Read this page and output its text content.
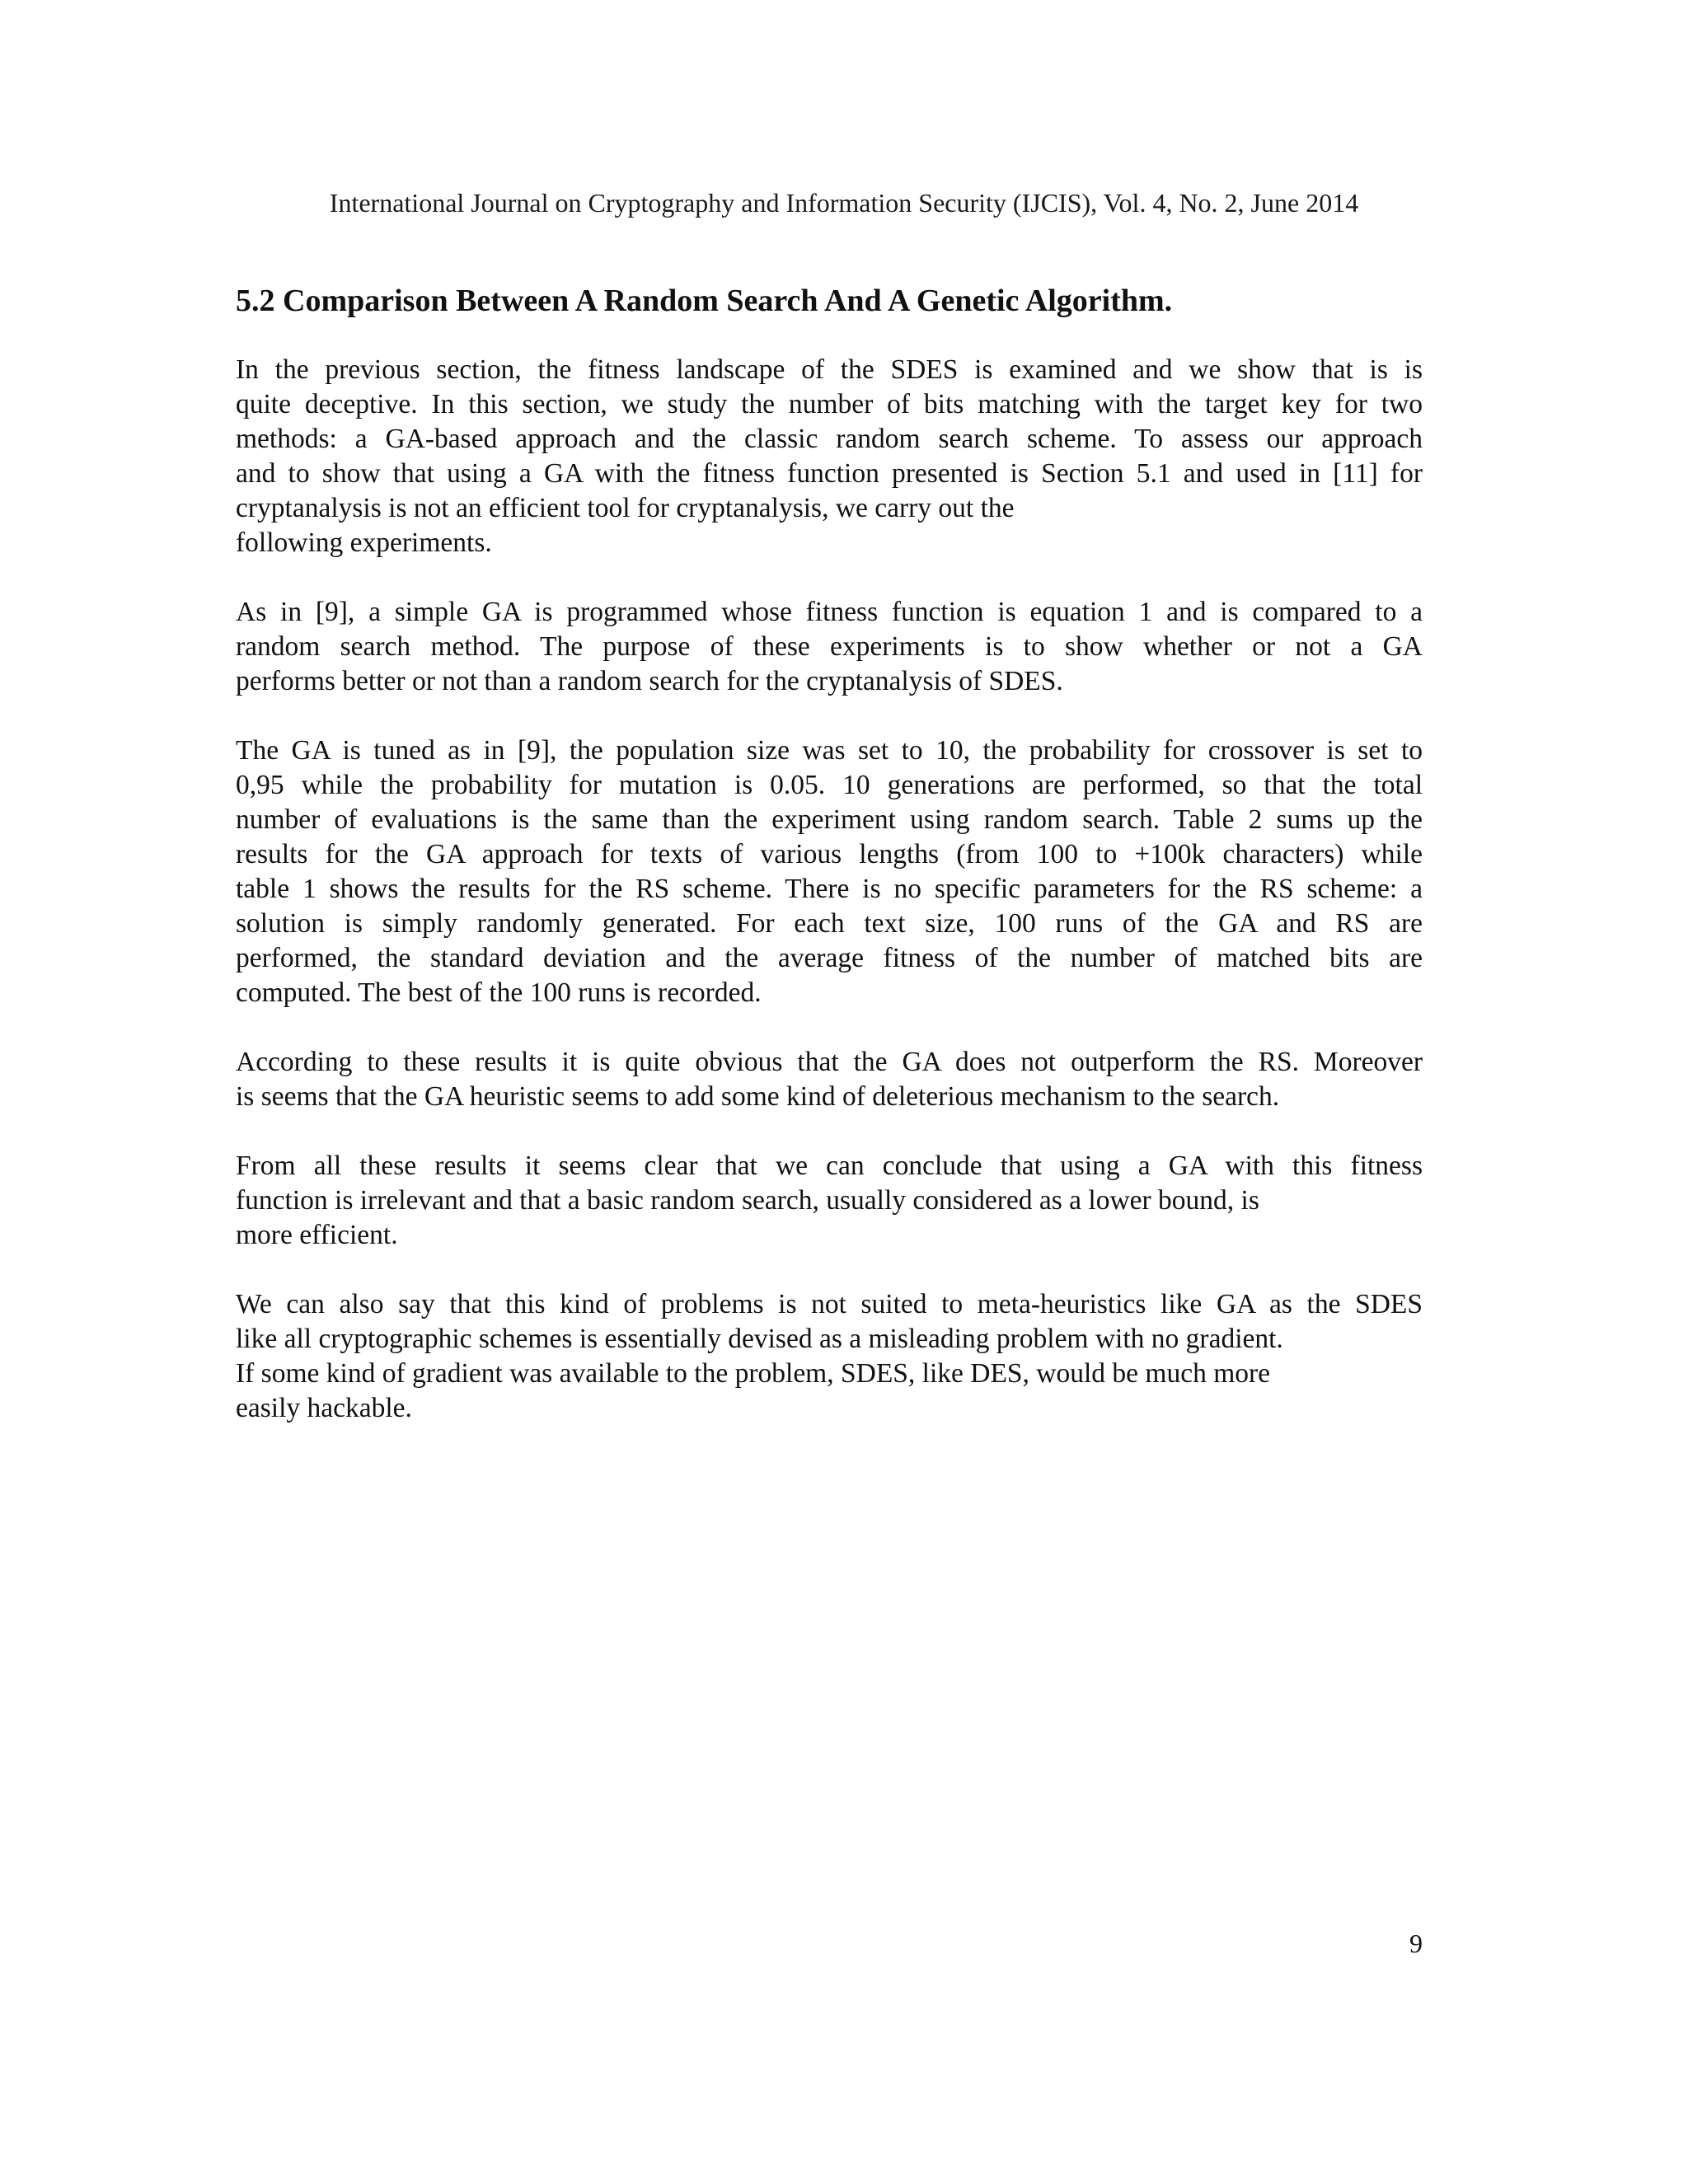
International Journal on Cryptography and Information Security (IJCIS), Vol. 4, No. 2, June 2014
5.2 Comparison Between A Random Search And A Genetic Algorithm.
In the previous section, the fitness landscape of the SDES is examined and we show that is is
quite deceptive. In this section, we study the number of bits matching with the target key for two
methods: a GA-based approach and the classic random search scheme. To assess our approach
and to show that using a GA with the fitness function presented is Section 5.1 and used in [11] for
cryptanalysis is not an efficient tool for cryptanalysis, we carry out the
following experiments.
As in [9], a simple GA is programmed whose fitness function is equation 1 and is compared to a
random search method. The purpose of these experiments is to show whether or not a GA
performs better or not than a random search for the cryptanalysis of SDES.
The GA is tuned as in [9], the population size was set to 10, the probability for crossover is set to
0,95 while the probability for mutation is 0.05. 10 generations are performed, so that the total
number of evaluations is the same than the experiment using random search. Table 2 sums up the
results for the GA approach for texts of various lengths (from 100 to +100k characters) while
table 1 shows the results for the RS scheme. There is no specific parameters for the RS scheme: a
solution is simply randomly generated. For each text size, 100 runs of the GA and RS are
performed, the standard deviation and the average fitness of the number of matched bits are
computed. The best of the 100 runs is recorded.
According to these results it is quite obvious that the GA does not outperform the RS. Moreover
is seems that the GA heuristic seems to add some kind of deleterious mechanism to the search.
From all these results it seems clear that we can conclude that using a GA with this fitness
function is irrelevant and that a basic random search, usually considered as a lower bound, is
more efficient.
We can also say that this kind of problems is not suited to meta-heuristics like GA as the SDES
like all cryptographic schemes is essentially devised as a misleading problem with no gradient.
If some kind of gradient was available to the problem, SDES, like DES, would be much more
easily hackable.
9
